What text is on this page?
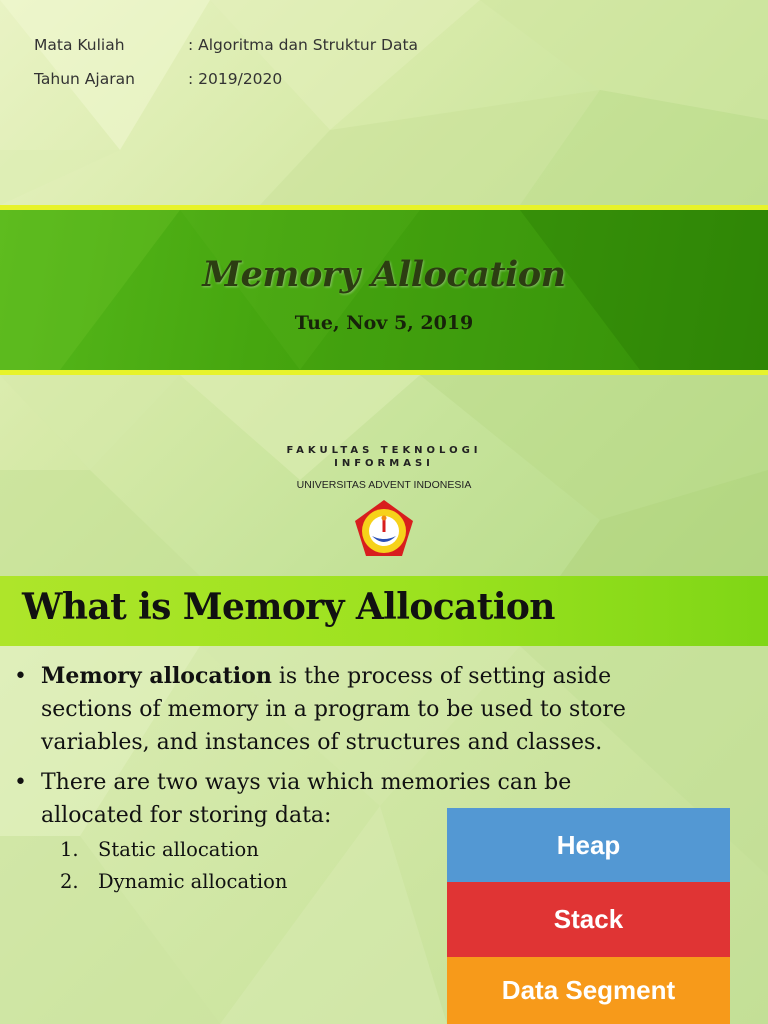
Mata Kuliah	: Algoritma dan Struktur Data
Tahun Ajaran	: 2019/2020
Memory Allocation
Tue, Nov 5, 2019
FAKULTAS TEKNOLOGI
INFORMASI
UNIVERSITAS ADVENT INDONESIA
What is Memory Allocation
• Memory allocation is the process of setting aside sections of memory in a program to be used to store variables, and instances of structures and classes.
• There are two ways via which memories can be allocated for storing data:
1. Static allocation
2. Dynamic allocation
Heap
Stack
Data Segment
